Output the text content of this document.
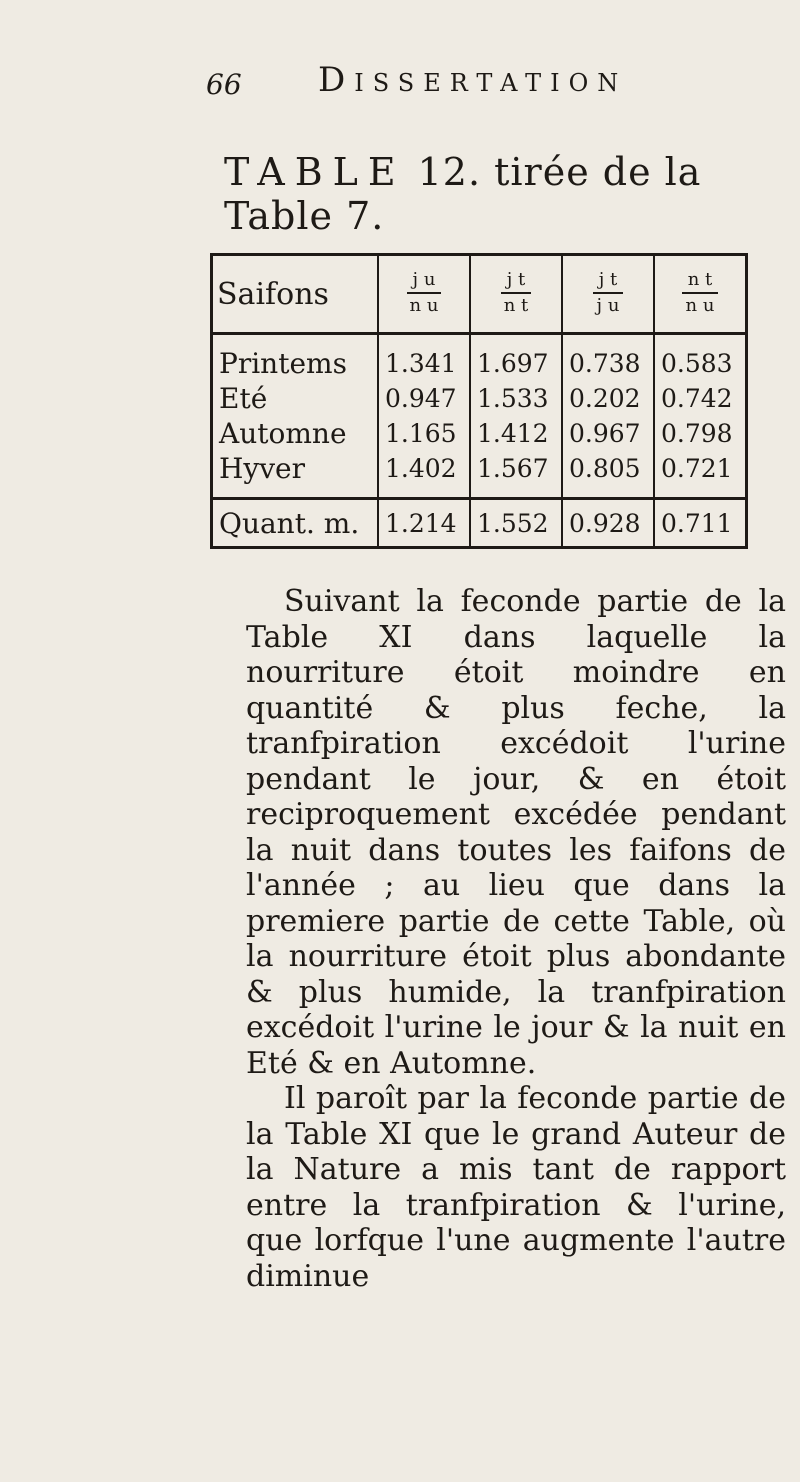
66 Dissertation
TABLE 12. tirée de la Table 7.
Saifons	$\frac{\text{j u}}{\text{n u}}$	$\frac{\text{j t}}{\text{n t}}$	$\frac{\text{j t}}{\text{j u}}$	$\frac{\text{n t}}{\text{n u}}$

Printems	1.341	1.697	0.738	0.583
Eté	0.947	1.533	0.202	0.742
Automne	1.165	1.412	0.967	0.798
Hyver	1.402	1.567	0.805	0.721
Quant. m.	1.214	1.552	0.928	0.711

Suivant la feconde partie de la Table XI dans laquelle la nourriture étoit moindre en quantité & plus feche, la tranfpiration excédoit l'urine pendant le jour, & en étoit reciproquement excédée pendant la nuit dans toutes les faifons de l'année ; au lieu que dans la premiere partie de cette Table, où la nourriture étoit plus abondante & plus humide, la tranfpiration excédoit l'urine le jour & la nuit en Eté & en Automne.

Il paroît par la feconde partie de la Table XI que le grand Auteur de la Nature a mis tant de rapport entre la tranfpiration & l'urine, que lorfque l'une augmente l'autre diminue
